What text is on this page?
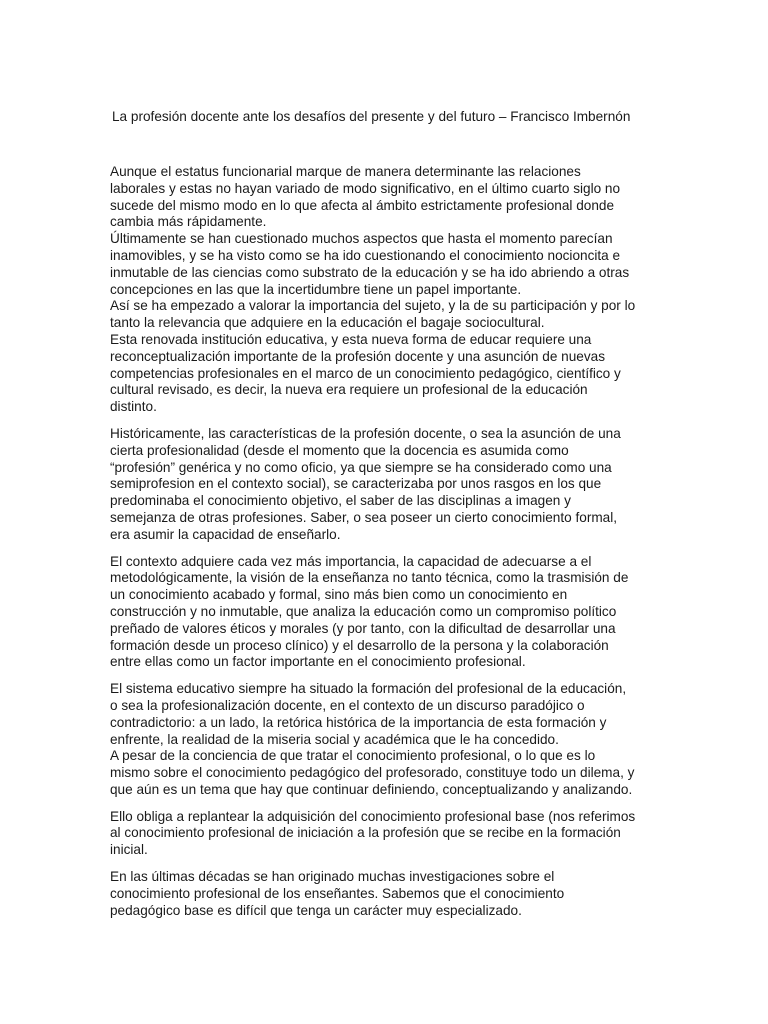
La profesión docente ante los desafíos del presente y del futuro – Francisco Imbernón

Aunque el estatus funcionarial marque de manera determinante las relaciones
laborales y estas no hayan variado de modo significativo, en el último cuarto siglo no
sucede del mismo modo en lo que afecta al ámbito estrictamente profesional donde
cambia más rápidamente.
Últimamente se han cuestionado muchos aspectos que hasta el momento parecían
inamovibles, y se ha visto como se ha ido cuestionando el conocimiento nocioncita e
inmutable de las ciencias como substrato de la educación y se ha ido abriendo a otras
concepciones en las que la incertidumbre tiene un papel importante.
Así se ha empezado a valorar la importancia del sujeto, y la de su participación y por lo
tanto la relevancia que adquiere en la educación el bagaje sociocultural.
Esta renovada institución educativa, y esta nueva forma de educar requiere una
reconceptualización importante de la profesión docente y una asunción de nuevas
competencias profesionales en el marco de un conocimiento pedagógico, científico y
cultural revisado, es decir, la nueva era requiere un profesional de la educación
distinto.

Históricamente, las características de la profesión docente, o sea la asunción de una
cierta profesionalidad (desde el momento que la docencia es asumida como
“profesión” genérica y no como oficio, ya que siempre se ha considerado como una
semiprofesion en el contexto social), se caracterizaba por unos rasgos en los que
predominaba el conocimiento objetivo, el saber de las disciplinas a imagen y
semejanza de otras profesiones. Saber, o sea poseer un cierto conocimiento formal,
era asumir la capacidad de enseñarlo.

El contexto adquiere cada vez más importancia, la capacidad de adecuarse a el
metodológicamente, la visión de la enseñanza no tanto técnica, como la trasmisión de
un conocimiento acabado y formal, sino más bien como un conocimiento en
construcción y no inmutable, que analiza la educación como un compromiso político
preñado de valores éticos y morales (y por tanto, con la dificultad de desarrollar una
formación desde un proceso clínico) y el desarrollo de la persona y la colaboración
entre ellas como un factor importante en el conocimiento profesional.

El sistema educativo siempre ha situado la formación del profesional de la educación,
o sea la profesionalización docente, en el contexto de un discurso paradójico o
contradictorio: a un lado, la retórica histórica de la importancia de esta formación y
enfrente, la realidad de la miseria social y académica que le ha concedido.
A pesar de la conciencia de que tratar el conocimiento profesional, o lo que es lo
mismo sobre el conocimiento pedagógico del profesorado, constituye todo un dilema, y
que aún es un tema que hay que continuar definiendo, conceptualizando y analizando.

Ello obliga a replantear la adquisición del conocimiento profesional base (nos referimos
al conocimiento profesional de iniciación a la profesión que se recibe en la formación
inicial.

En las últimas décadas se han originado muchas investigaciones sobre el
conocimiento profesional de los enseñantes. Sabemos que el conocimiento
pedagógico base es difícil que tenga un carácter muy especializado.
